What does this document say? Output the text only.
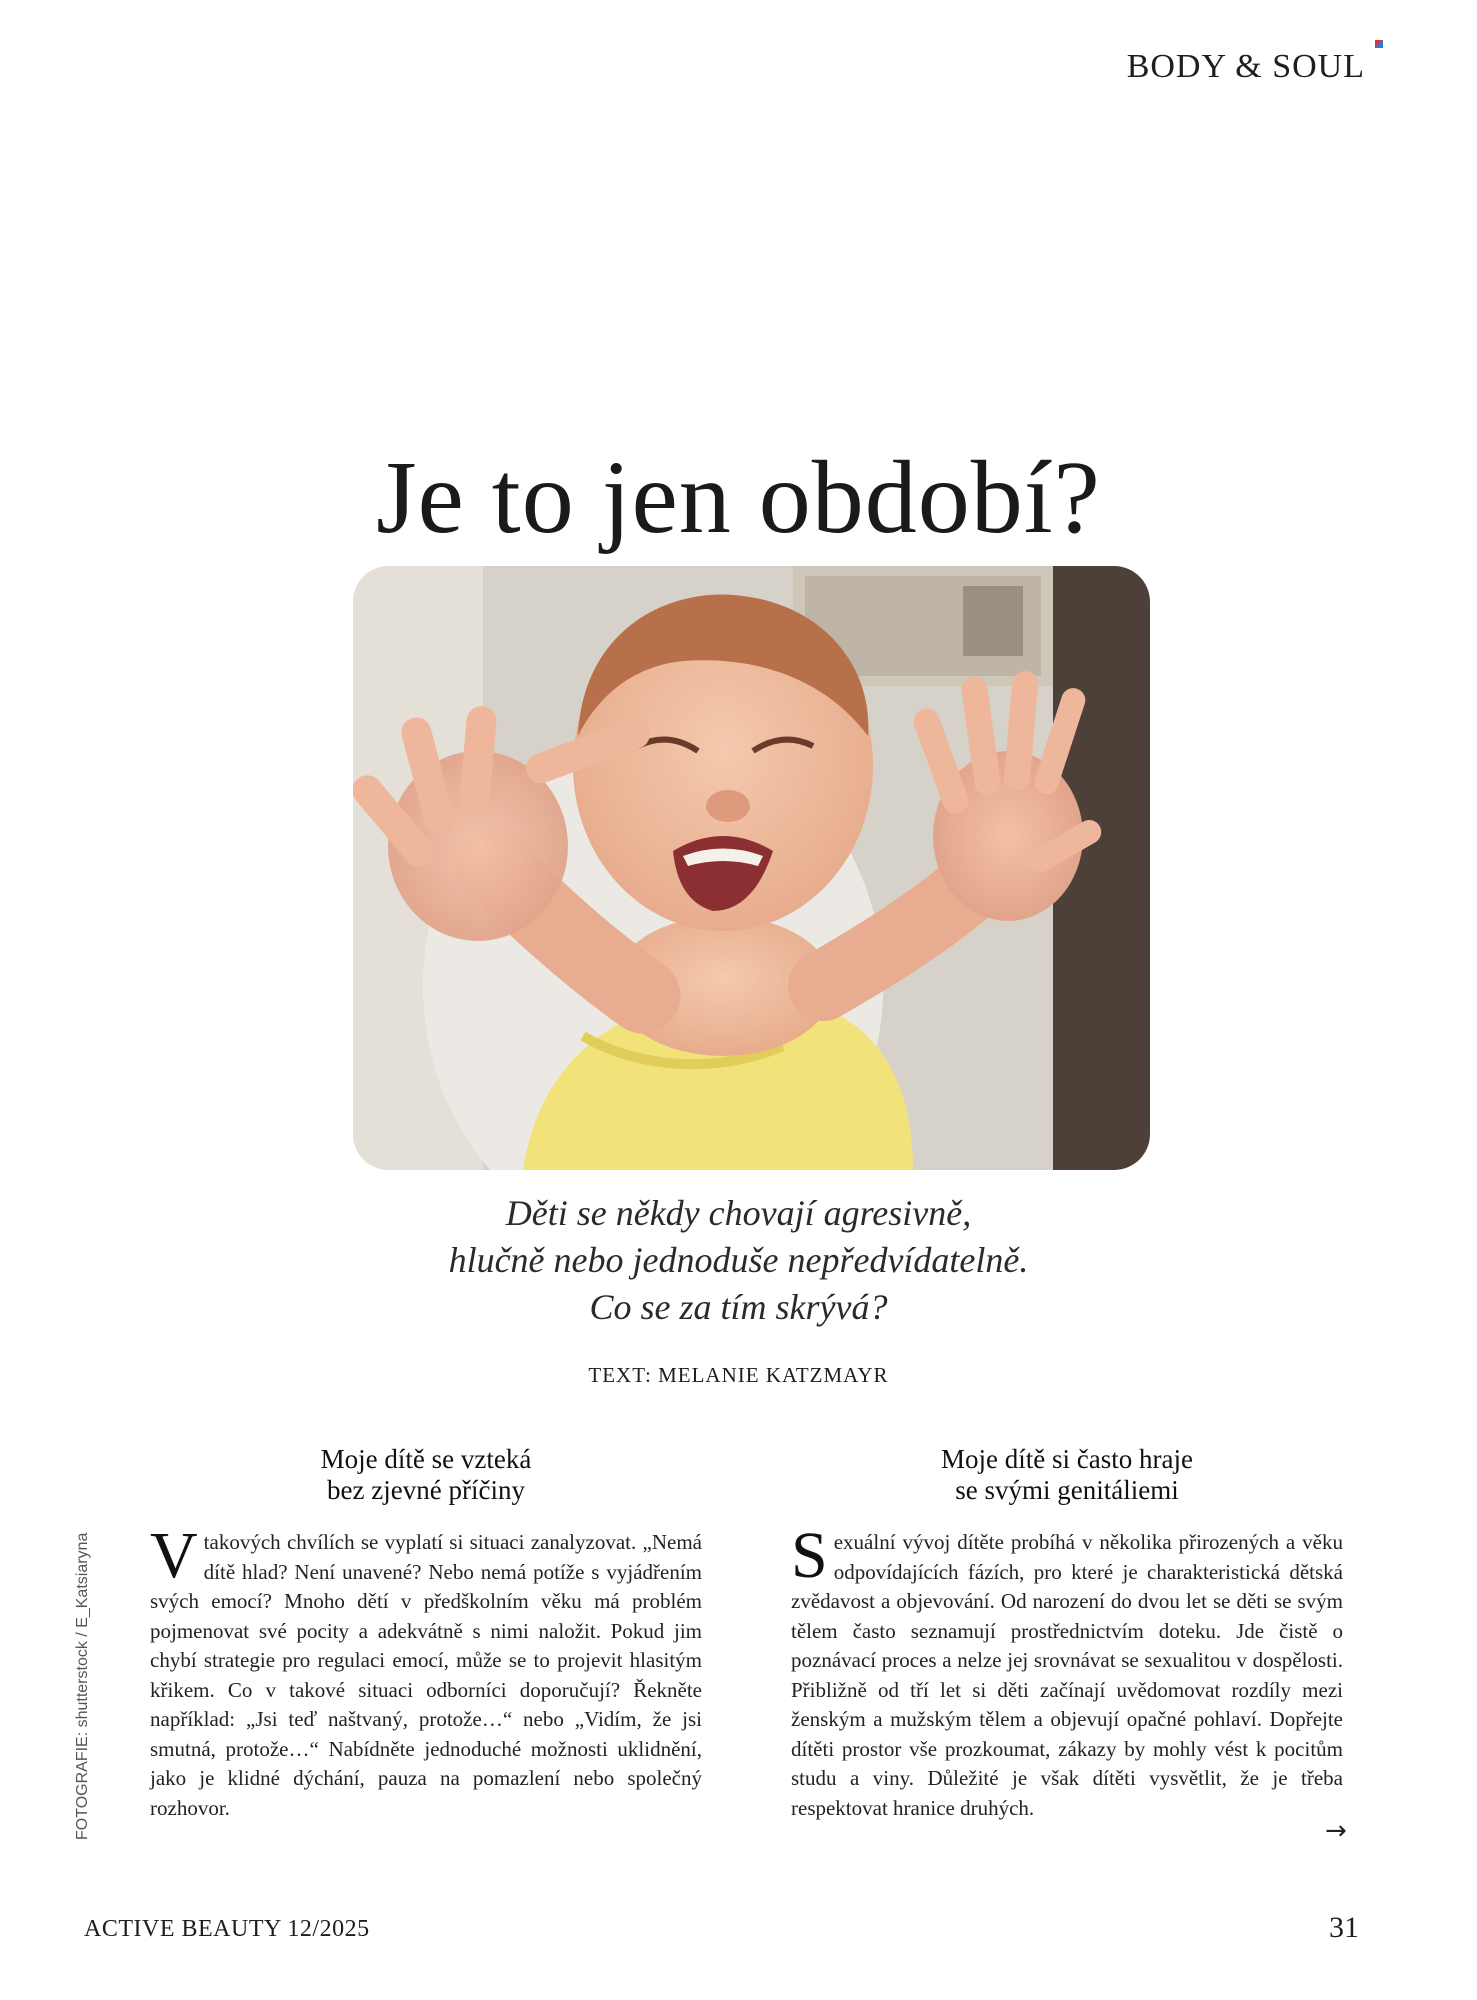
BODY & SOUL
Je to jen období?
Děti se někdy chovají agresivně,
hlučně nebo jednoduše nepředvídatelně.
Co se za tím skrývá?
TEXT: MELANIE KATZMAYR
Moje dítě se vzteká
bez zjevné příčiny

V takových chvílích se vyplatí si situaci zanalyzovat. „Nemá dítě hlad? Není unavené? Nebo nemá potíže s vyjádřením svých emocí? Mnoho dětí v předškolním věku má problém pojmenovat své pocity a adekvátně s nimi naložit. Pokud jim chybí strategie pro regulaci emocí, může se to projevit hlasitým křikem. Co v takové situaci odborníci doporučují? Řekněte například: „Jsi teď naštvaný, protože…“ nebo „Vidím, že jsi smutná, protože…“ Nabídněte jednoduché možnosti uklidnění, jako je klidné dýchání, pauza na pomazlení nebo společný rozhovor.

Moje dítě si často hraje
se svými genitáliemi

Sexuální vývoj dítěte probíhá v několika přirozených a věku odpovídajících fázích, pro které je charakteristická dětská zvědavost a objevování. Od narození do dvou let se děti se svým tělem často seznamují prostřednictvím doteku. Jde čistě o poznávací proces a nelze jej srovnávat se sexualitou v dospělosti. Přibližně od tří let si děti začínají uvědomovat rozdíly mezi ženským a mužským tělem a objevují opačné pohlaví. Dopřejte dítěti prostor vše prozkoumat, zákazy by mohly vést k pocitům studu a viny. Důležité je však dítěti vysvětlit, že je třeba respektovat hranice druhých.

→
FOTOGRAFIE: shutterstock / E_Katsiaryna
ACTIVE BEAUTY 12/2025	31
